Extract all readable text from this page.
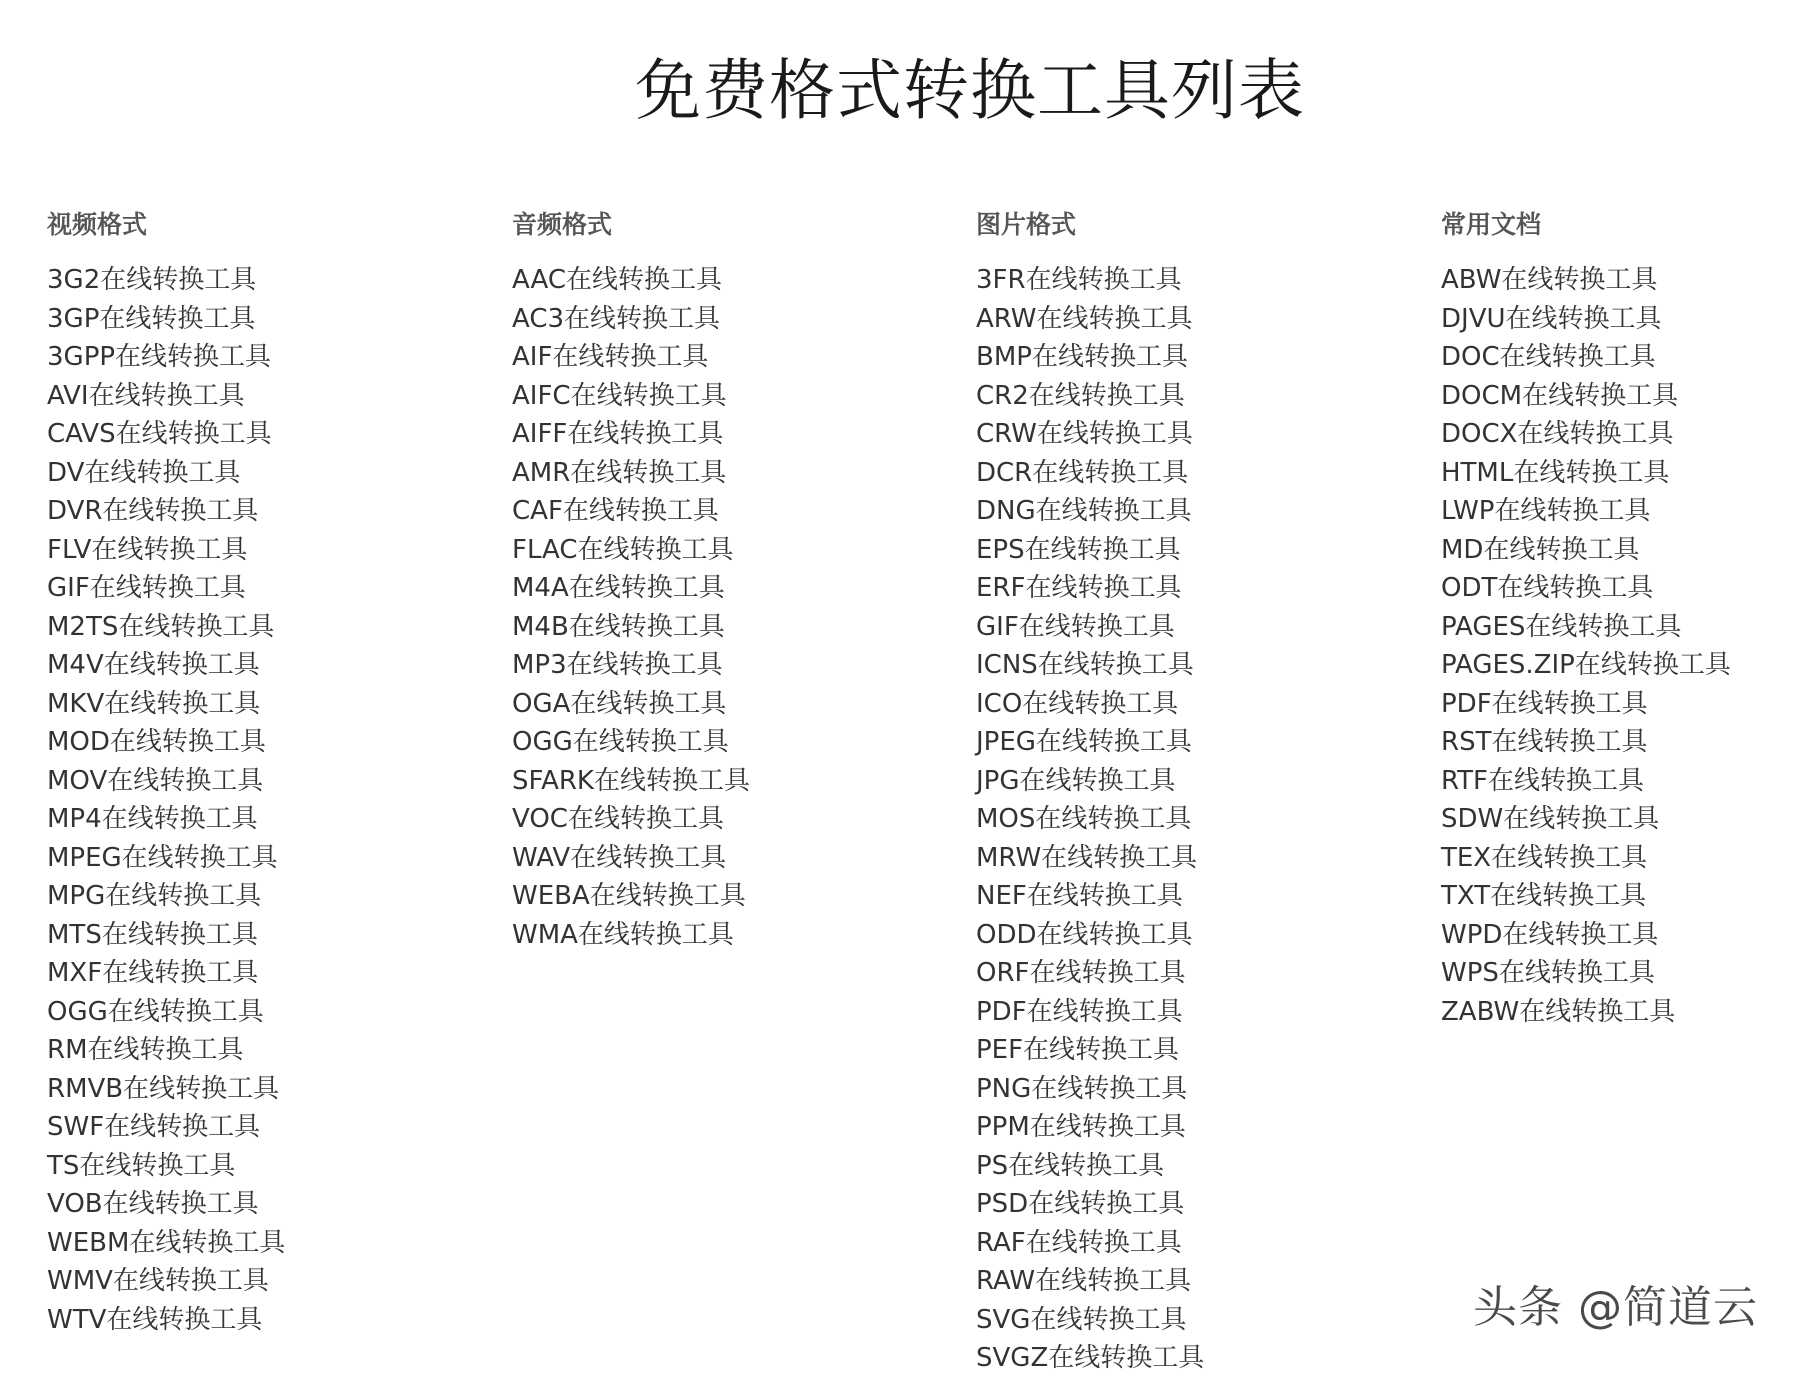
免费格式转换工具列表
视频格式
3G2在线转换工具
3GP在线转换工具
3GPP在线转换工具
AVI在线转换工具
CAVS在线转换工具
DV在线转换工具
DVR在线转换工具
FLV在线转换工具
GIF在线转换工具
M2TS在线转换工具
M4V在线转换工具
MKV在线转换工具
MOD在线转换工具
MOV在线转换工具
MP4在线转换工具
MPEG在线转换工具
MPG在线转换工具
MTS在线转换工具
MXF在线转换工具
OGG在线转换工具
RM在线转换工具
RMVB在线转换工具
SWF在线转换工具
TS在线转换工具
VOB在线转换工具
WEBM在线转换工具
WMV在线转换工具
WTV在线转换工具
音频格式
AAC在线转换工具
AC3在线转换工具
AIF在线转换工具
AIFC在线转换工具
AIFF在线转换工具
AMR在线转换工具
CAF在线转换工具
FLAC在线转换工具
M4A在线转换工具
M4B在线转换工具
MP3在线转换工具
OGA在线转换工具
OGG在线转换工具
SFARK在线转换工具
VOC在线转换工具
WAV在线转换工具
WEBA在线转换工具
WMA在线转换工具
图片格式
3FR在线转换工具
ARW在线转换工具
BMP在线转换工具
CR2在线转换工具
CRW在线转换工具
DCR在线转换工具
DNG在线转换工具
EPS在线转换工具
ERF在线转换工具
GIF在线转换工具
ICNS在线转换工具
ICO在线转换工具
JPEG在线转换工具
JPG在线转换工具
MOS在线转换工具
MRW在线转换工具
NEF在线转换工具
ODD在线转换工具
ORF在线转换工具
PDF在线转换工具
PEF在线转换工具
PNG在线转换工具
PPM在线转换工具
PS在线转换工具
PSD在线转换工具
RAF在线转换工具
RAW在线转换工具
SVG在线转换工具
SVGZ在线转换工具
常用文档
ABW在线转换工具
DJVU在线转换工具
DOC在线转换工具
DOCM在线转换工具
DOCX在线转换工具
HTML在线转换工具
LWP在线转换工具
MD在线转换工具
ODT在线转换工具
PAGES在线转换工具
PAGES.ZIP在线转换工具
PDF在线转换工具
RST在线转换工具
RTF在线转换工具
SDW在线转换工具
TEX在线转换工具
TXT在线转换工具
WPD在线转换工具
WPS在线转换工具
ZABW在线转换工具
头条 @简道云
